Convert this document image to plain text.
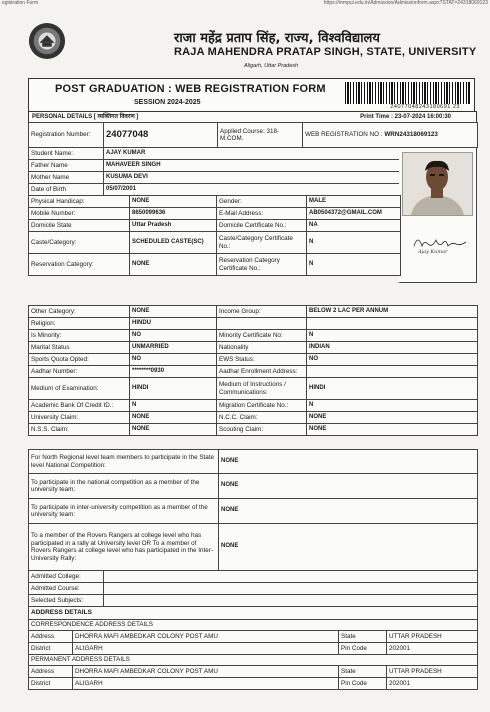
egistration Form	https://mmpui.edu.in/Admission/Admissionform.aspx?STAT=24318069123
राजा महेंद्र प्रताप सिंह, राज्य, विश्वविद्यालय
RAJA MAHENDRA PRATAP SINGH, STATE, UNIVERSITY
Aligarh, Uttar Pradesh
POST GRADUATION : WEB REGISTRATION FORM
SESSION 2024-2025
24077048243180691 23
PERSONAL DETAILS [ व्यक्तिगत विवरण ]	Print Time : 23-07-2024 16:00:30
Registration Number:	24077048	Applied Course: 318-M.COM.	WEB REGISTRATION NO : WRN24318069123
Student Name:	AJAY KUMAR
Father Name	MAHAVEER SINGH
Mother Name	KUSUMA DEVI
Date of Birth	05/07/2001
Ajay Kumar
Physical Handicap:	NONE	Gender:	MALE
Mobile Number:	8650099636	E-Mail Address:	AB0504372@GMAIL.COM
Domicile State	Uttar Pradesh	Domicile Certificate No.:	NA
Caste/Category:	SCHEDULED CASTE(SC)	Caste/Category Certificate No.:	N
Reservation Category:	NONE	Reservation Category Certificate No.:	N
Other Category:	NONE	Income Group:	BELOW 2 LAC PER ANNUM
Religion:	HINDU		
Is Minority:	NO	Minority Certificate No:	N
Marital Status	UNMARRIED	Nationality	INDIAN
Sports Quota Opted:	NO	EWS Status:	NO
Aadhar Number:	********0930	Aadhar Enrollment Address:	
Medium of Examination:	HINDI	Medium of Instructions / Communications:	HINDI
Academic Bank Of Credit ID.:	N	Migration Certificate No.:	N
University Claim:	NONE	N.C.C. Claim:	NONE
N.S.S. Claim:	NONE	Scouting Claim:	NONE
For North Regional level team members to participate in the State level National Competition:	NONE
To participate in the national competition as a member of the university team:	NONE
To participate in inter-university competition as a member of the university team:	NONE
To a member of the Rovers Rangers at college level who has participated in a rally at University level OR To a member of Rovers Rangers at college level who has participated in the Inter-University Rally:	NONE
Admitted College:	
Admitted Course:	
Selected Subjects:	
ADDRESS DETAILS			
CORRESPONDENCE ADDRESS DETAILS			
Address	DHORRA MAFI AMBEDKAR COLONY POST AMU	State	UTTAR PRADESH
District	ALIGARH	Pin Code	202001
PERMANENT ADDRESS DETAILS			
Address	DHORRA MAFI AMBEDKAR COLONY POST AMU	State	UTTAR PRADESH
District	ALIGARH	Pin Code	202001
